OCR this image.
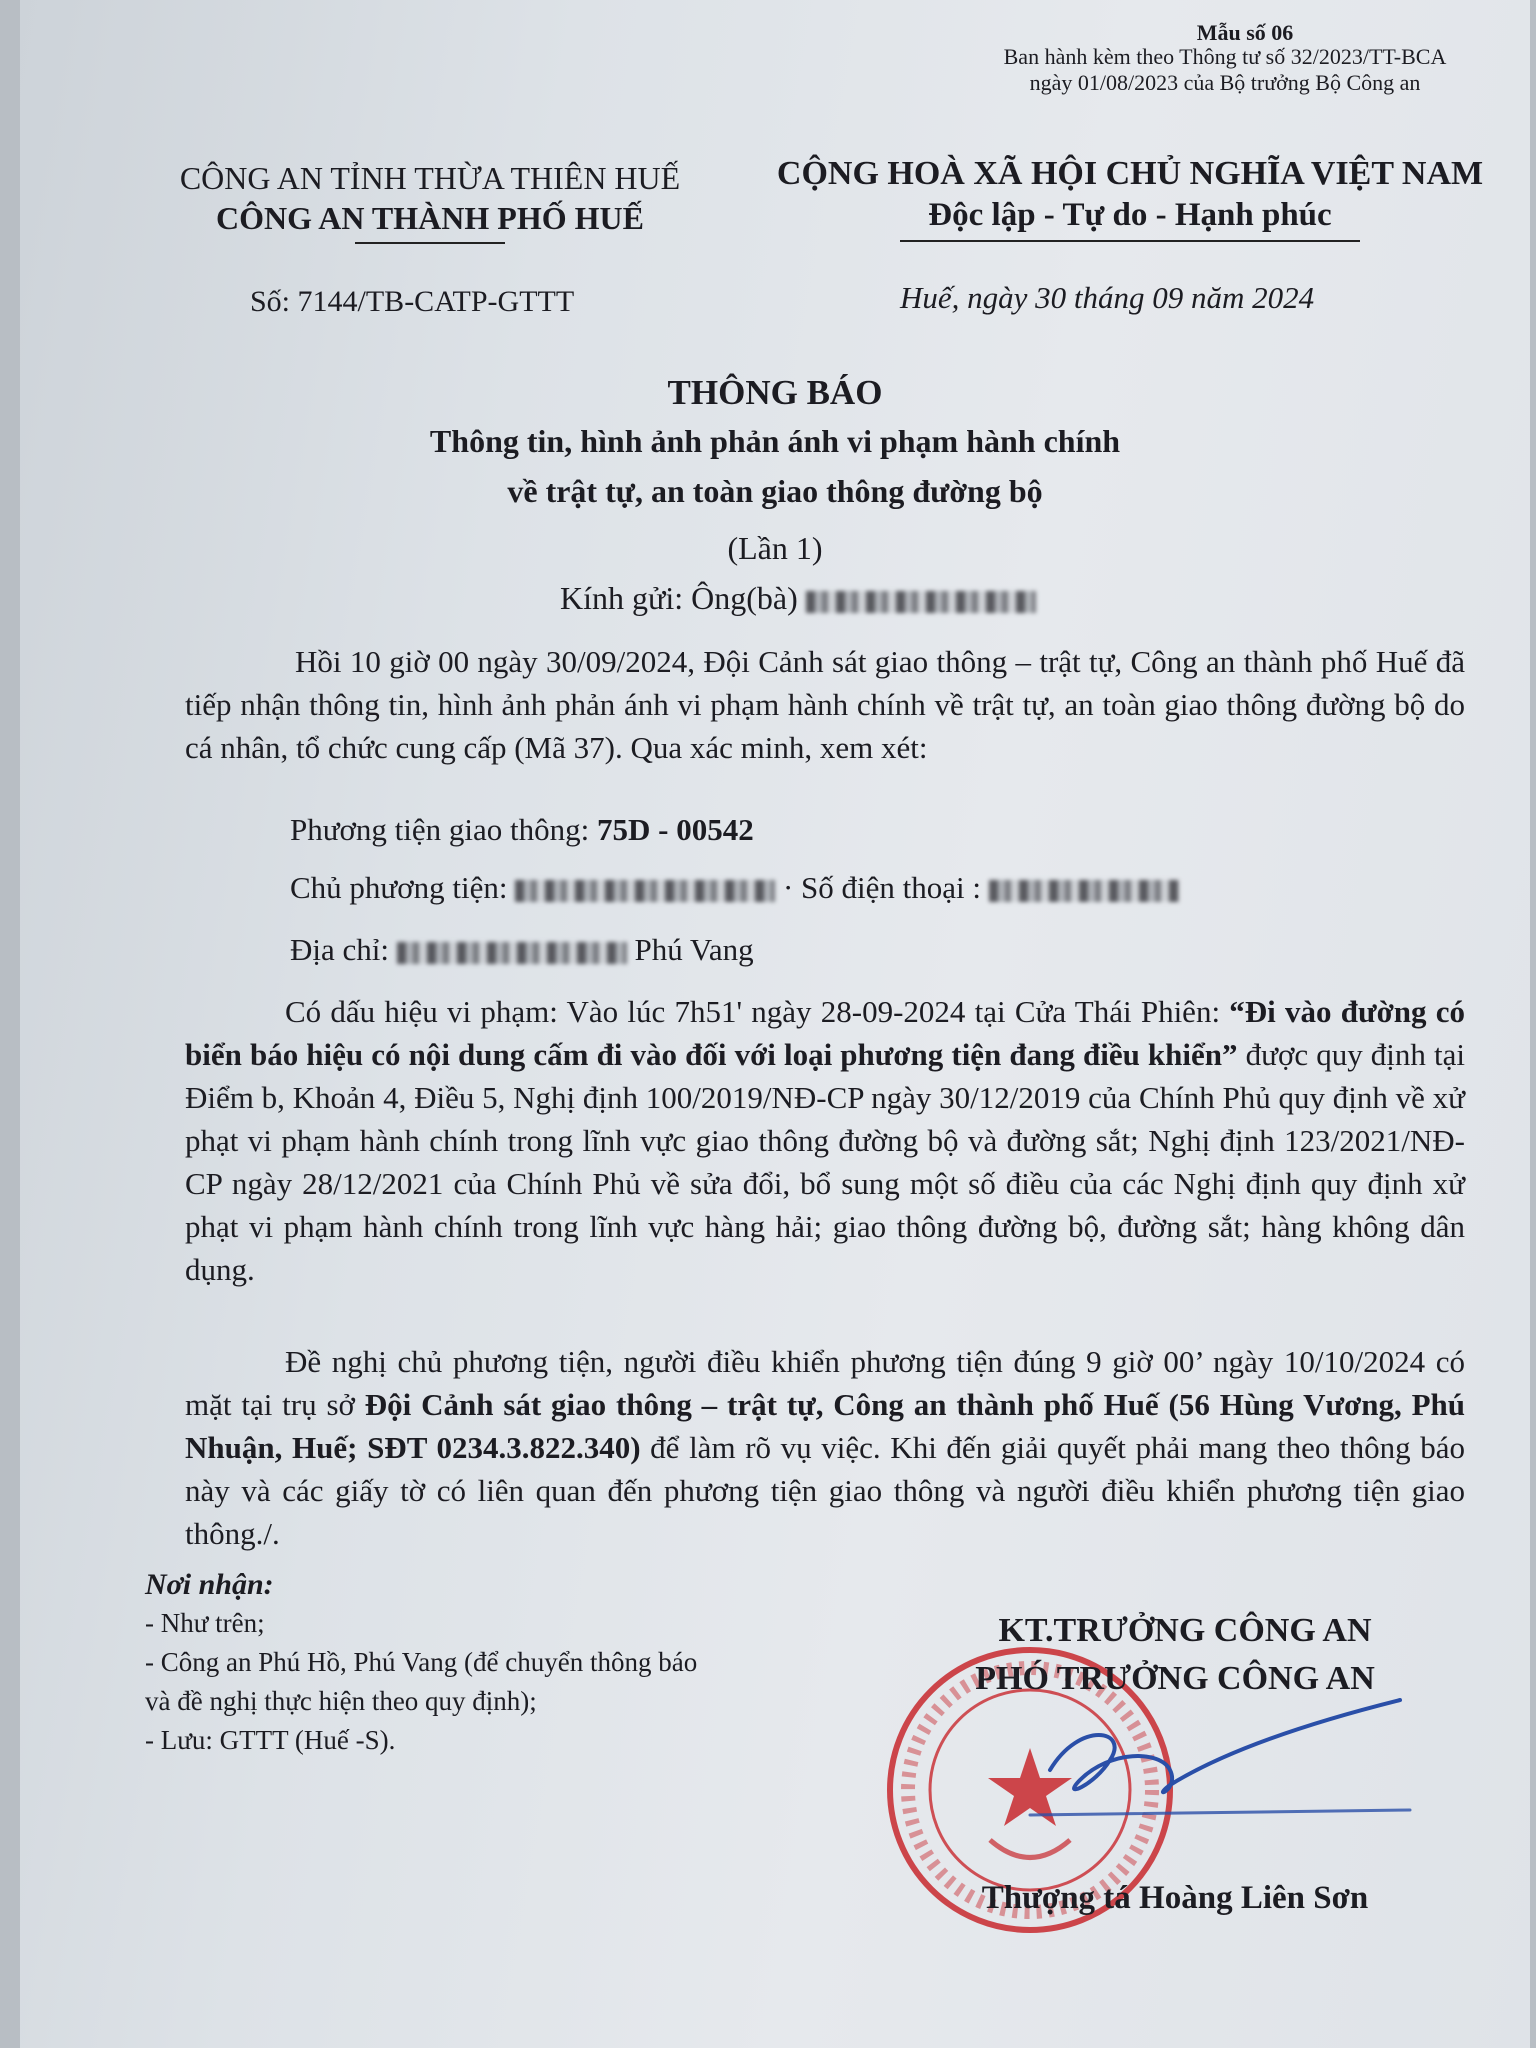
Mẫu số 06
Ban hành kèm theo Thông tư số 32/2023/TT-BCA
ngày 01/08/2023 của Bộ trưởng Bộ Công an
CÔNG AN TỈNH THỪA THIÊN HUẾ
CÔNG AN THÀNH PHỐ HUẾ
CỘNG HOÀ XÃ HỘI CHỦ NGHĨA VIỆT NAM
Độc lập - Tự do - Hạnh phúc
Số: 7144/TB-CATP-GTTT	Huế, ngày 30 tháng 09 năm 2024
THÔNG BÁO
Thông tin, hình ảnh phản ánh vi phạm hành chính
về trật tự, an toàn giao thông đường bộ
(Lần 1)
Kính gửi: Ông(bà)
Hồi 10 giờ 00 ngày 30/09/2024, Đội Cảnh sát giao thông – trật tự, Công an thành phố Huế đã tiếp nhận thông tin, hình ảnh phản ánh vi phạm hành chính về trật tự, an toàn giao thông đường bộ do cá nhân, tổ chức cung cấp (Mã 37). Qua xác minh, xem xét:
Phương tiện giao thông: 75D - 00542
Chủ phương tiện:	· Số điện thoại :
Địa chỉ:	Phú Vang
Có dấu hiệu vi phạm: Vào lúc 7h51' ngày 28-09-2024 tại Cửa Thái Phiên: “Đi vào đường có biển báo hiệu có nội dung cấm đi vào đối với loại phương tiện đang điều khiển” được quy định tại Điểm b, Khoản 4, Điều 5, Nghị định 100/2019/NĐ-CP ngày 30/12/2019 của Chính Phủ quy định về xử phạt vi phạm hành chính trong lĩnh vực giao thông đường bộ và đường sắt; Nghị định 123/2021/NĐ-CP ngày 28/12/2021 của Chính Phủ về sửa đổi, bổ sung một số điều của các Nghị định quy định xử phạt vi phạm hành chính trong lĩnh vực hàng hải; giao thông đường bộ, đường sắt; hàng không dân dụng.
Đề nghị chủ phương tiện, người điều khiển phương tiện đúng 9 giờ 00’ ngày 10/10/2024 có mặt tại trụ sở Đội Cảnh sát giao thông – trật tự, Công an thành phố Huế (56 Hùng Vương, Phú Nhuận, Huế; SĐT 0234.3.822.340) để làm rõ vụ việc. Khi đến giải quyết phải mang theo thông báo này và các giấy tờ có liên quan đến phương tiện giao thông và người điều khiển phương tiện giao thông./.
Nơi nhận:
- Như trên;
- Công an Phú Hồ, Phú Vang (để chuyển thông báo
và đề nghị thực hiện theo quy định);
- Lưu: GTTT (Huế -S).
KT.TRƯỞNG CÔNG AN
PHÓ TRƯỞNG CÔNG AN
Thượng tá Hoàng Liên Sơn
